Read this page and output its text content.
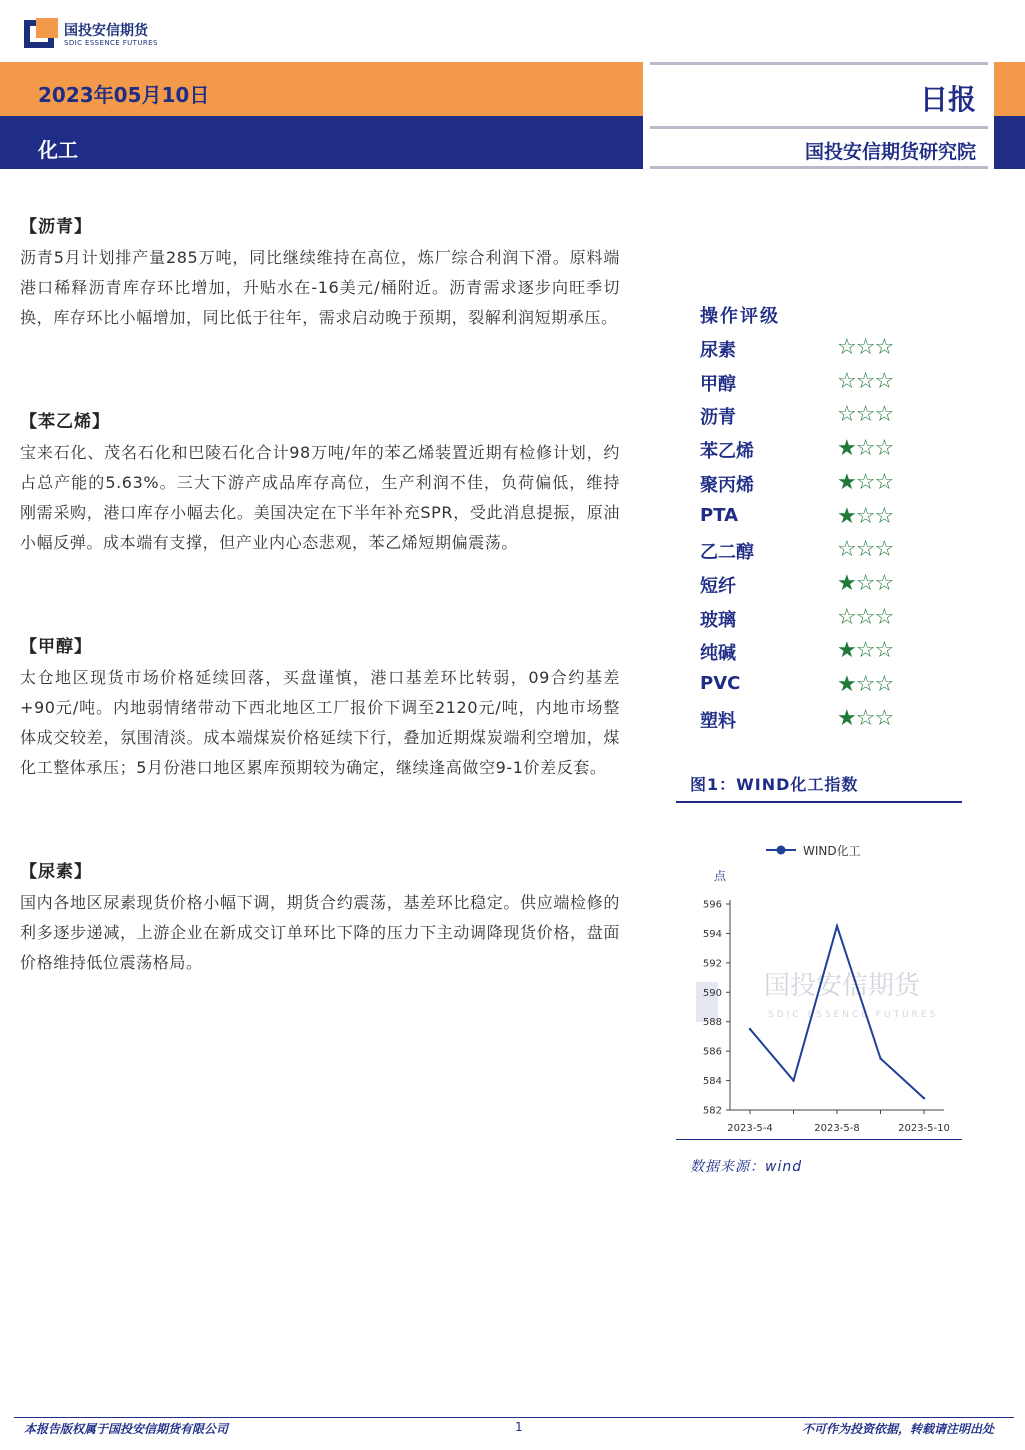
国投安信期货
SDIC ESSENCE FUTURES
2023年05月10日
化工
日报
国投安信期货研究院
【沥青】
沥青5月计划排产量285万吨，同比继续维持在高位，炼厂综合利润下滑。原料端港口稀释沥青库存环比增加，升贴水在-16美元/桶附近。沥青需求逐步向旺季切换，库存环比小幅增加，同比低于往年，需求启动晚于预期，裂解利润短期承压。
【苯乙烯】
宝来石化、茂名石化和巴陵石化合计98万吨/年的苯乙烯装置近期有检修计划，约占总产能的5.63%。三大下游产成品库存高位，生产利润不佳，负荷偏低，维持刚需采购，港口库存小幅去化。美国决定在下半年补充SPR，受此消息提振，原油小幅反弹。成本端有支撑，但产业内心态悲观，苯乙烯短期偏震荡。
【甲醇】
太仓地区现货市场价格延续回落，买盘谨慎，港口基差环比转弱，09合约基差+90元/吨。内地弱情绪带动下西北地区工厂报价下调至2120元/吨，内地市场整体成交较差，氛围清淡。成本端煤炭价格延续下行，叠加近期煤炭端利空增加，煤化工整体承压；5月份港口地区累库预期较为确定，继续逢高做空9-1价差反套。
【尿素】
国内各地区尿素现货价格小幅下调，期货合约震荡，基差环比稳定。供应端检修的利多逐步递减，上游企业在新成交订单环比下降的压力下主动调降现货价格，盘面价格维持低位震荡格局。
操作评级
尿素	☆☆☆
甲醇	☆☆☆
沥青	☆☆☆
苯乙烯	★☆☆
聚丙烯	★☆☆
PTA	★☆☆
乙二醇	☆☆☆
短纤	★☆☆
玻璃	☆☆☆
纯碱	★☆☆
PVC	★☆☆
塑料	★☆☆
图1：WIND化工指数
国投安信期货
SDIC ESSENCE FUTURES
582
584
586
588
590
592
594
596
点
2023-5-4	2023-5-8	2023-5-10
WIND化工
数据来源：wind
本报告版权属于国投安信期货有限公司	1	不可作为投资依据，转载请注明出处
